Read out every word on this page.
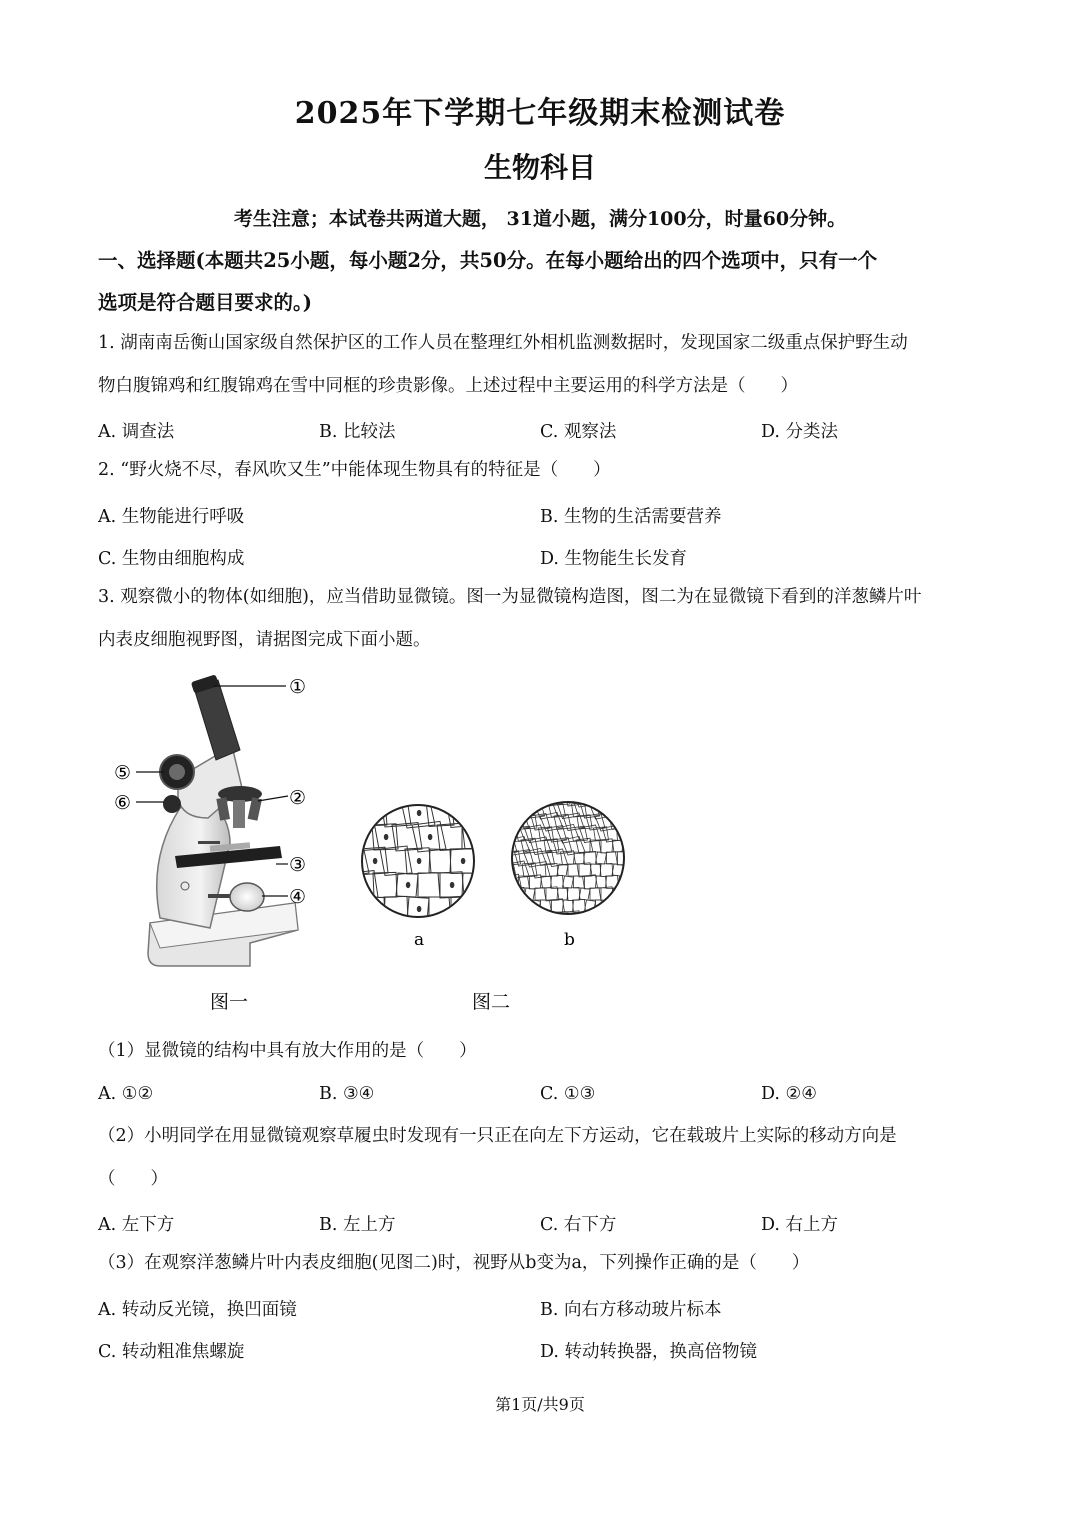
2025年下学期七年级期末检测试卷
生物科目
考生注意；本试卷共两道大题， 31道小题，满分100分，时量60分钟。
一、选择题(本题共25小题，每小题2分，共50分。在每小题给出的四个选项中，只有一个
选项是符合题目要求的。)
1. 湖南南岳衡山国家级自然保护区的工作人员在整理红外相机监测数据时，发现国家二级重点保护野生动
物白腹锦鸡和红腹锦鸡在雪中同框的珍贵影像。上述过程中主要运用的科学方法是（　　）
A. 调查法	B. 比较法	C. 观察法	D. 分类法
2. “野火烧不尽，春风吹又生”中能体现生物具有的特征是（　　）
A. 生物能进行呼吸	B. 生物的生活需要营养
C. 生物由细胞构成	D. 生物能生长发育
3. 观察微小的物体(如细胞)，应当借助显微镜。图一为显微镜构造图，图二为在显微镜下看到的洋葱鳞片叶
内表皮细胞视野图，请据图完成下面小题。
①
②
③
④
⑤
⑥
a	b
图一	图二
（1）显微镜的结构中具有放大作用的是（　　）
A. ①②	B. ③④	C. ①③	D. ②④
（2）小明同学在用显微镜观察草履虫时发现有一只正在向左下方运动，它在载玻片上实际的移动方向是
（　　）
A. 左下方	B. 左上方	C. 右下方	D. 右上方
（3）在观察洋葱鳞片叶内表皮细胞(见图二)时，视野从b变为a，下列操作正确的是（　　）
A. 转动反光镜，换凹面镜	B. 向右方移动玻片标本
C. 转动粗准焦螺旋	D. 转动转换器，换高倍物镜
第1页/共9页
